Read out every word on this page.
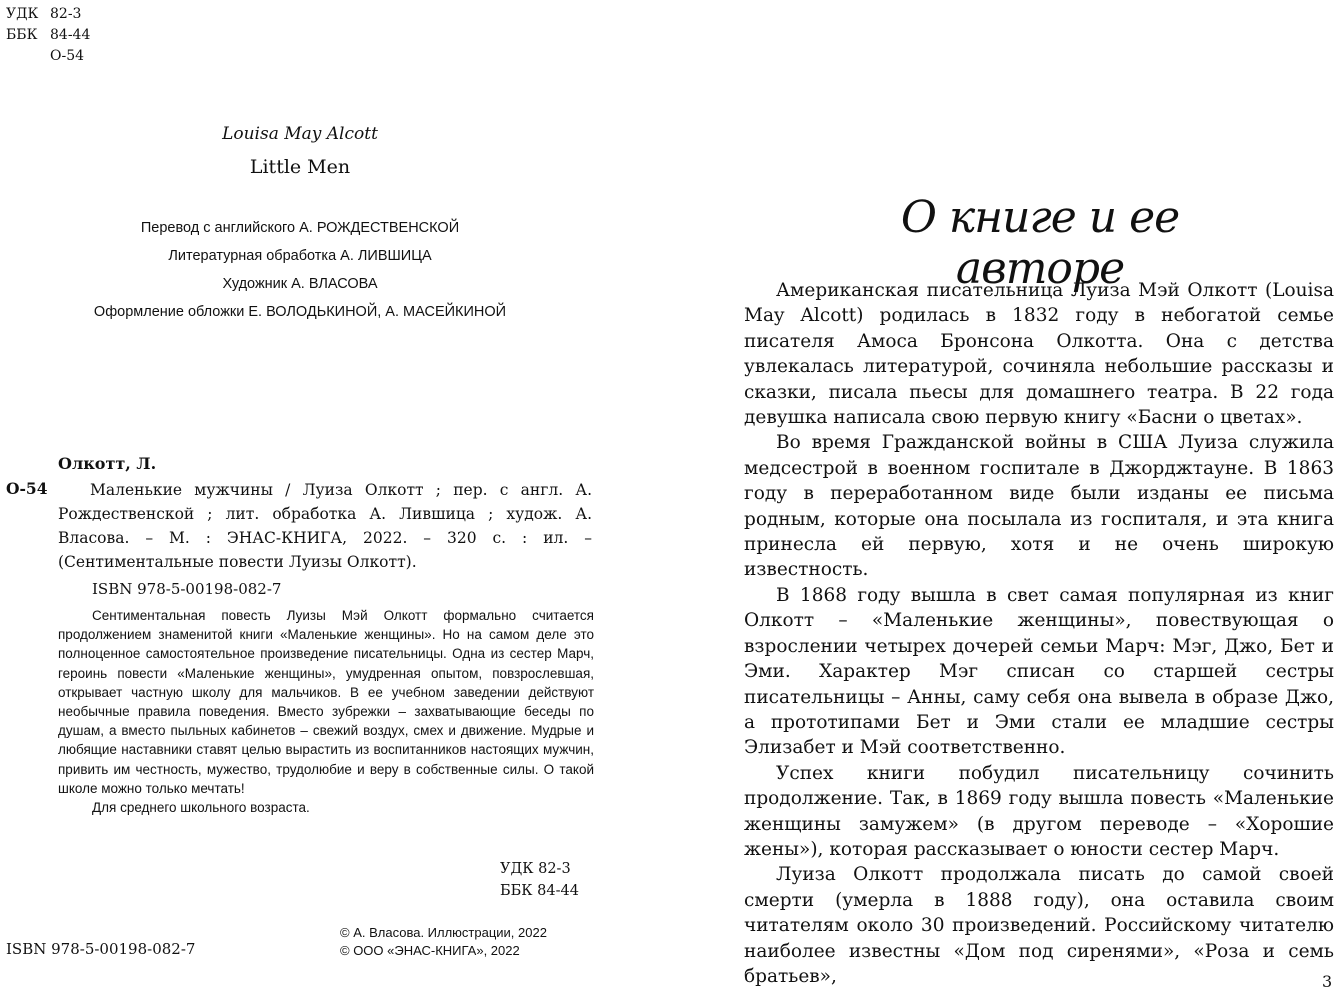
УДК 82-3
ББК 84-44
О-54
Louisa May Alcott
Little Men
Перевод с английского А. РОЖДЕСТВЕНСКОЙ
Литературная обработка А. ЛИВШИЦА
Художник А. ВЛАСОВА
Оформление обложки Е. ВОЛОДЬКИНОЙ, А. МАСЕЙКИНОЙ
Олкотт, Л.
О-54	Маленькие мужчины / Луиза Олкотт ; пер. с англ. А. Рождественской ; лит. обработка А. Лившица ; худож. А. Власова. – М. : ЭНАС-КНИГА, 2022. – 320 с. : ил. – (Сентиментальные повести Луизы Олкотт).
ISBN 978-5-00198-082-7

Сентиментальная повесть Луизы Мэй Олкотт формально считается продолжением знаменитой книги «Маленькие женщины». Но на самом деле это полноценное самостоятельное произведение писательницы. Одна из сестер Марч, героинь повести «Маленькие женщины», умудренная опытом, повзрослевшая, открывает частную школу для мальчиков. В ее учебном заведении действуют необычные правила поведения. Вместо зубрежки – захватывающие беседы по душам, а вместо пыльных кабинетов – свежий воздух, смех и движение. Мудрые и любящие наставники ставят целью вырастить из воспитанников настоящих мужчин, привить им честность, мужество, трудолюбие и веру в собственные силы. О такой школе можно только мечтать!

Для среднего школьного возраста.

УДК 82-3
ББК 84-44
© А. Власова. Иллюстрации, 2022
© ООО «ЭНАС-КНИГА», 2022
ISBN 978-5-00198-082-7
О книге и ее авторе

Американская писательница Луиза Мэй Олкотт (Louisa May Alcott) родилась в 1832 году в небогатой семье писателя Амоса Бронсона Олкотта. Она с детства увлекалась литературой, сочиняла небольшие рассказы и сказки, писала пьесы для домашнего театра. В 22 года девушка написала свою первую книгу «Басни о цветах».

Во время Гражданской войны в США Луиза служила медсестрой в военном госпитале в Джорджтауне. В 1863 году в переработанном виде были изданы ее письма родным, которые она посылала из госпиталя, и эта книга принесла ей первую, хотя и не очень широкую известность.

В 1868 году вышла в свет самая популярная из книг Олкотт – «Маленькие женщины», повествующая о взрослении четырех дочерей семьи Марч: Мэг, Джо, Бет и Эми. Характер Мэг списан со старшей сестры писательницы – Анны, саму себя она вывела в образе Джо, а прототипами Бет и Эми стали ее младшие сестры Элизабет и Мэй соответственно.

Успех книги побудил писательницу сочинить продолжение. Так, в 1869 году вышла повесть «Маленькие женщины замужем» (в другом переводе – «Хорошие жены»), которая рассказывает о юности сестер Марч.

Луиза Олкотт продолжала писать до самой своей смерти (умерла в 1888 году), она оставила своим читателям около 30 произведений. Российскому читателю наиболее известны «Дом под сиренями», «Роза и семь братьев»,	3
